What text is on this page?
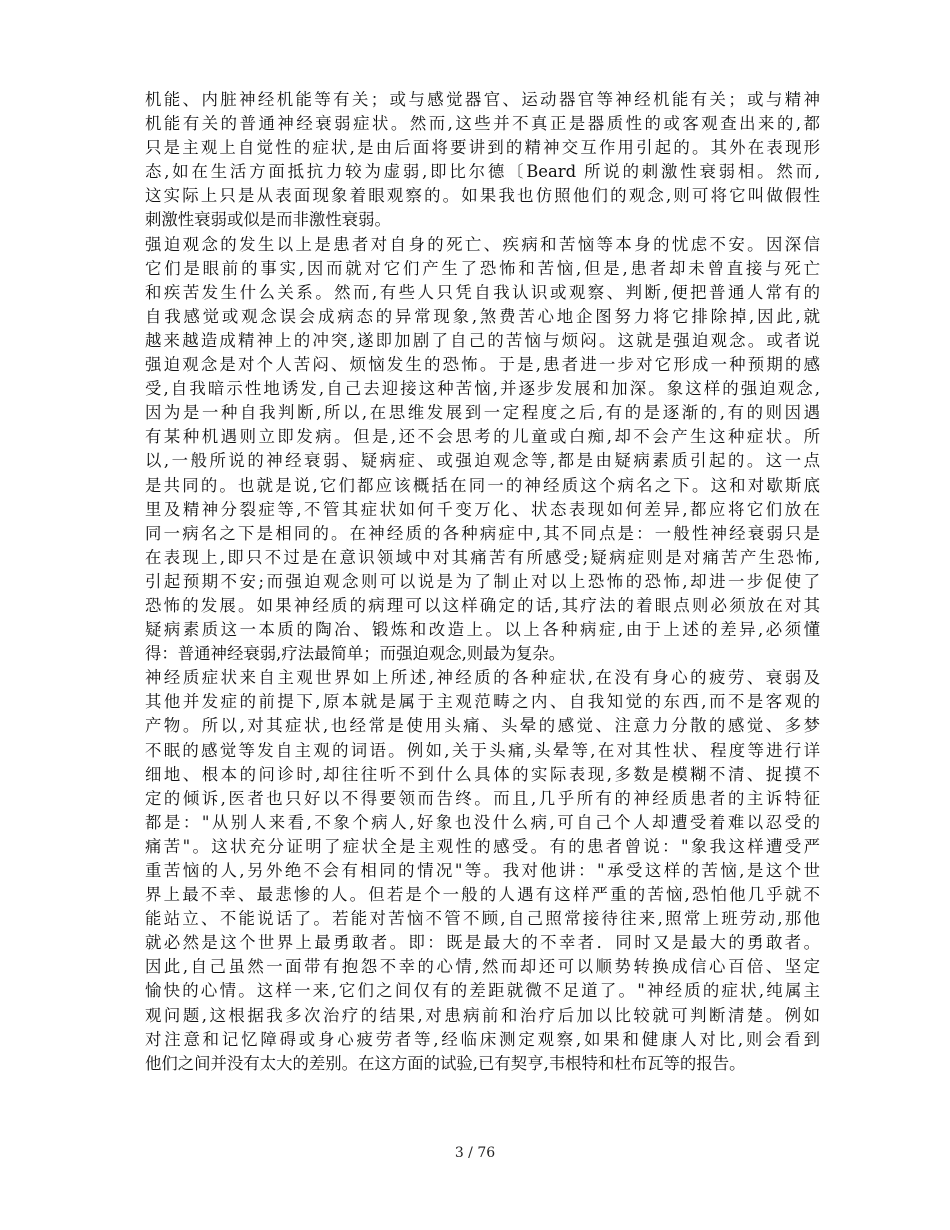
机能、内脏神经机能等有关；或与感觉器官、运动器官等神经机能有关；或与精神
机能有关的普通神经衰弱症状。然而,这些并不真正是器质性的或客观查出来的,都
只是主观上自觉性的症状,是由后面将要讲到的精神交互作用引起的。其外在表现形
态,如在生活方面抵抗力较为虚弱,即比尔德〔Beard 所说的刺激性衰弱相。然而,
这实际上只是从表面现象着眼观察的。如果我也仿照他们的观念,则可将它叫做假性
刺激性衰弱或似是而非激性衰弱。
强迫观念的发生以上是患者对自身的死亡、疾病和苦恼等本身的忧虑不安。因深信
它们是眼前的事实,因而就对它们产生了恐怖和苦恼,但是,患者却未曾直接与死亡
和疾苦发生什么关系。然而,有些人只凭自我认识或观察、判断,便把普通人常有的
自我感觉或观念误会成病态的异常现象,煞费苦心地企图努力将它排除掉,因此,就
越来越造成精神上的冲突,遂即加剧了自己的苦恼与烦闷。这就是强迫观念。或者说
强迫观念是对个人苦闷、烦恼发生的恐怖。于是,患者进一步对它形成一种预期的感
受,自我暗示性地诱发,自己去迎接这种苦恼,并逐步发展和加深。象这样的强迫观念,
因为是一种自我判断,所以,在思维发展到一定程度之后,有的是逐渐的,有的则因遇
有某种机遇则立即发病。但是,还不会思考的儿童或白痴,却不会产生这种症状。所
以,一般所说的神经衰弱、疑病症、或强迫观念等,都是由疑病素质引起的。这一点
是共同的。也就是说,它们都应该概括在同一的神经质这个病名之下。这和对歇斯底
里及精神分裂症等,不管其症状如何千变万化、状态表现如何差异,都应将它们放在
同一病名之下是相同的。在神经质的各种病症中,其不同点是：一般性神经衰弱只是
在表现上,即只不过是在意识领域中对其痛苦有所感受;疑病症则是对痛苦产生恐怖,
引起预期不安;而强迫观念则可以说是为了制止对以上恐怖的恐怖,却进一步促使了
恐怖的发展。如果神经质的病理可以这样确定的话,其疗法的着眼点则必须放在对其
疑病素质这一本质的陶冶、锻炼和改造上。以上各种病症,由于上述的差异,必须懂
得：普通神经衰弱,疗法最简单；而强迫观念,则最为复杂。
神经质症状来自主观世界如上所述,神经质的各种症状,在没有身心的疲劳、衰弱及
其他并发症的前提下,原本就是属于主观范畴之内、自我知觉的东西,而不是客观的
产物。所以,对其症状,也经常是使用头痛、头晕的感觉、注意力分散的感觉、多梦
不眠的感觉等发自主观的词语。例如,关于头痛,头晕等,在对其性状、程度等进行详
细地、根本的问诊时,却往往听不到什么具体的实际表现,多数是模糊不清、捉摸不
定的倾诉,医者也只好以不得要领而告终。而且,几乎所有的神经质患者的主诉特征
都是："从别人来看,不象个病人,好象也没什么病,可自己个人却遭受着难以忍受的
痛苦"。这状充分证明了症状全是主观性的感受。有的患者曾说："象我这样遭受严
重苦恼的人,另外绝不会有相同的情况"等。我对他讲："承受这样的苦恼,是这个世
界上最不幸、最悲惨的人。但若是个一般的人遇有这样严重的苦恼,恐怕他几乎就不
能站立、不能说话了。若能对苦恼不管不顾,自己照常接待往来,照常上班劳动,那他
就必然是这个世界上最勇敢者。即：既是最大的不幸者．同时又是最大的勇敢者。
因此,自己虽然一面带有抱怨不幸的心情,然而却还可以顺势转换成信心百倍、坚定
愉快的心情。这样一来,它们之间仅有的差距就微不足道了。"神经质的症状,纯属主
观问题,这根据我多次治疗的结果,对患病前和治疗后加以比较就可判断清楚。例如
对注意和记忆障碍或身心疲劳者等,经临床测定观察,如果和健康人对比,则会看到
他们之间并没有太大的差别。在这方面的试验,已有契亨,韦根特和杜布瓦等的报告。
3 / 76
